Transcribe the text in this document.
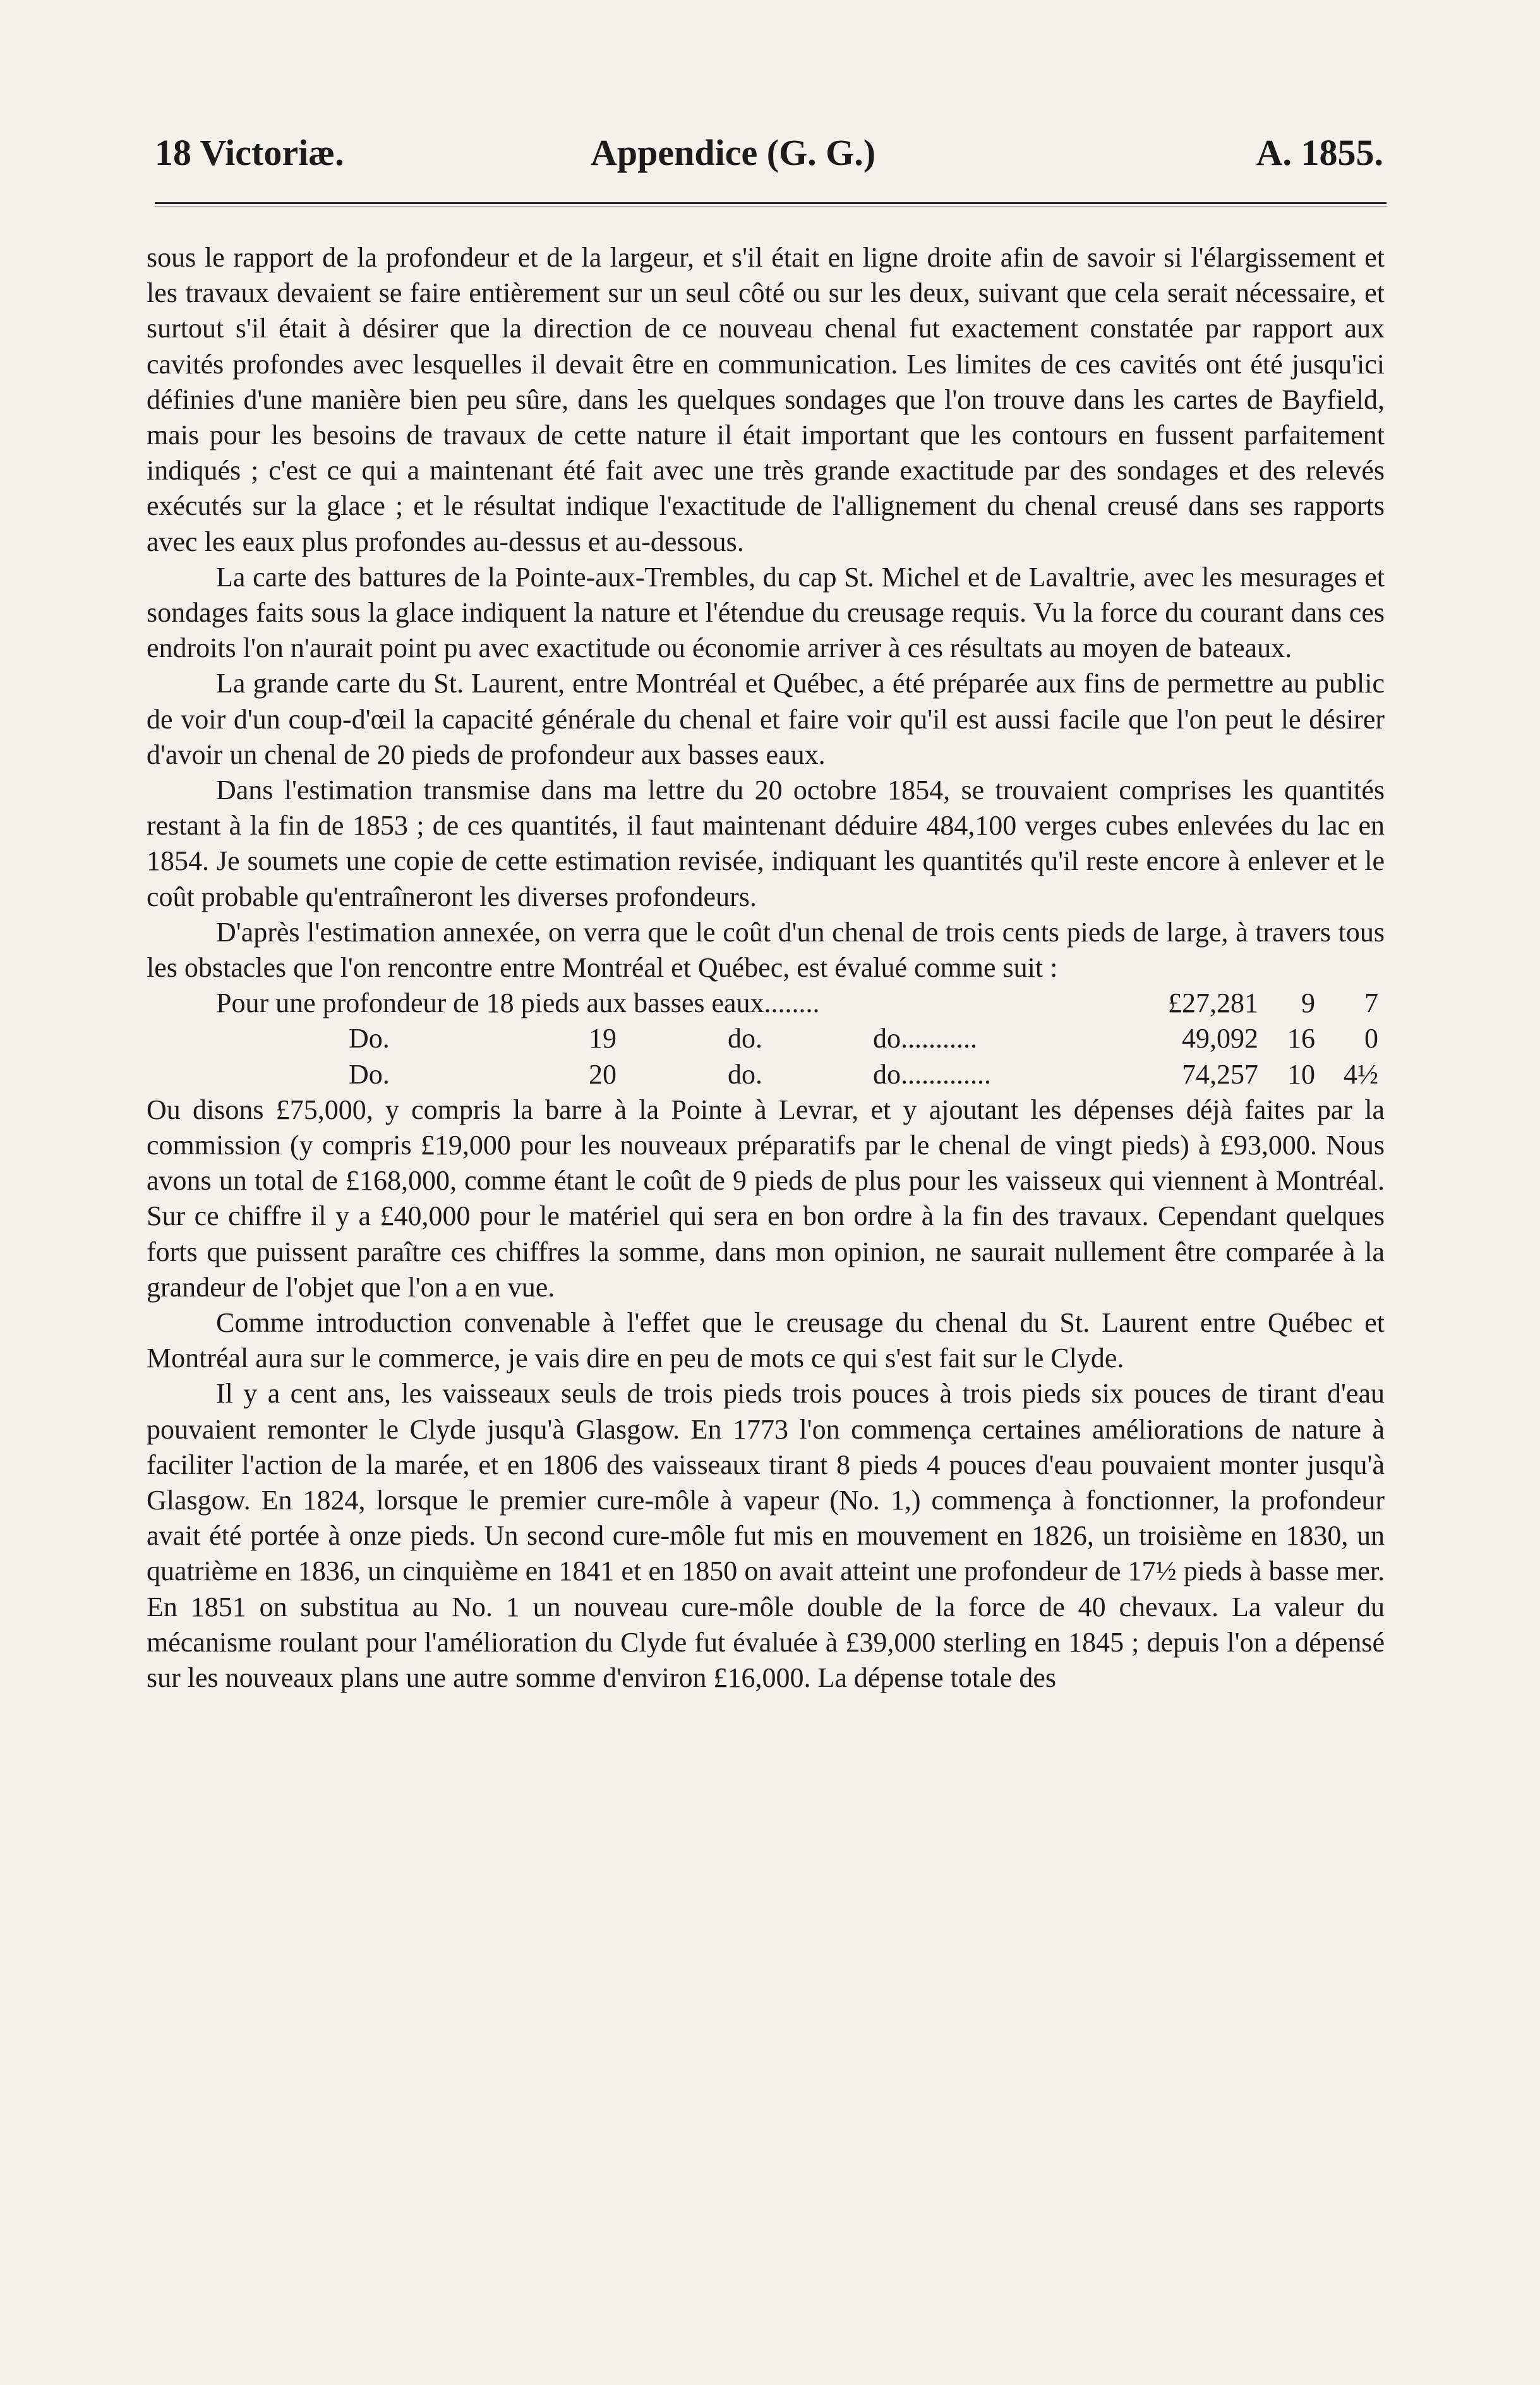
18 Victoriæ.	Appendice (G. G.)	A. 1855.

sous le rapport de la profondeur et de la largeur, et s'il était en ligne droite afin de savoir si l'élargissement et les travaux devaient se faire entièrement sur un seul côté ou sur les deux, suivant que cela serait nécessaire, et surtout s'il était à désirer que la direction de ce nouveau chenal fut exactement constatée par rapport aux cavités profondes avec lesquelles il devait être en communication. Les limites de ces cavités ont été jusqu'ici définies d'une manière bien peu sûre, dans les quelques sondages que l'on trouve dans les cartes de Bayfield, mais pour les besoins de travaux de cette nature il était important que les contours en fussent parfaitement indiqués ; c'est ce qui a maintenant été fait avec une très grande exactitude par des sondages et des relevés exécutés sur la glace ; et le résultat indique l'exactitude de l'allignement du chenal creusé dans ses rapports avec les eaux plus profondes au-dessus et au-dessous.

La carte des battures de la Pointe-aux-Trembles, du cap St. Michel et de Lavaltrie, avec les mesurages et sondages faits sous la glace indiquent la nature et l'étendue du creusage requis. Vu la force du courant dans ces endroits l'on n'aurait point pu avec exactitude ou économie arriver à ces résultats au moyen de bateaux.

La grande carte du St. Laurent, entre Montréal et Québec, a été préparée aux fins de permettre au public de voir d'un coup-d'œil la capacité générale du chenal et faire voir qu'il est aussi facile que l'on peut le désirer d'avoir un chenal de 20 pieds de profondeur aux basses eaux.

Dans l'estimation transmise dans ma lettre du 20 octobre 1854, se trouvaient comprises les quantités restant à la fin de 1853 ; de ces quantités, il faut maintenant déduire 484,100 verges cubes enlevées du lac en 1854. Je soumets une copie de cette estimation revisée, indiquant les quantités qu'il reste encore à enlever et le coût probable qu'entraîneront les diverses profondeurs.

D'après l'estimation annexée, on verra que le coût d'un chenal de trois cents pieds de large, à travers tous les obstacles que l'on rencontre entre Montréal et Québec, est évalué comme suit :

Pour une profondeur de 18 pieds aux basses eaux........	£27,281	9	7
Do.	19	do.	do...........	49,092	16	0
Do.	20	do.	do.............	74,257	10	4½

Ou disons £75,000, y compris la barre à la Pointe à Levrar, et y ajoutant les dépenses déjà faites par la commission (y compris £19,000 pour les nouveaux préparatifs par le chenal de vingt pieds) à £93,000. Nous avons un total de £168,000, comme étant le coût de 9 pieds de plus pour les vaisseux qui viennent à Montréal. Sur ce chiffre il y a £40,000 pour le matériel qui sera en bon ordre à la fin des travaux. Cependant quelques forts que puissent paraître ces chiffres la somme, dans mon opinion, ne saurait nullement être comparée à la grandeur de l'objet que l'on a en vue.

Comme introduction convenable à l'effet que le creusage du chenal du St. Laurent entre Québec et Montréal aura sur le commerce, je vais dire en peu de mots ce qui s'est fait sur le Clyde.

Il y a cent ans, les vaisseaux seuls de trois pieds trois pouces à trois pieds six pouces de tirant d'eau pouvaient remonter le Clyde jusqu'à Glasgow. En 1773 l'on commença certaines améliorations de nature à faciliter l'action de la marée, et en 1806 des vaisseaux tirant 8 pieds 4 pouces d'eau pouvaient monter jusqu'à Glasgow. En 1824, lorsque le premier cure-môle à vapeur (No. 1,) commença à fonctionner, la profondeur avait été portée à onze pieds. Un second cure-môle fut mis en mouvement en 1826, un troisième en 1830, un quatrième en 1836, un cinquième en 1841 et en 1850 on avait atteint une profondeur de 17½ pieds à basse mer. En 1851 on substitua au No. 1 un nouveau cure-môle double de la force de 40 chevaux. La valeur du mécanisme roulant pour l'amélioration du Clyde fut évaluée à £39,000 sterling en 1845 ; depuis l'on a dépensé sur les nouveaux plans une autre somme d'environ £16,000. La dépense totale des
